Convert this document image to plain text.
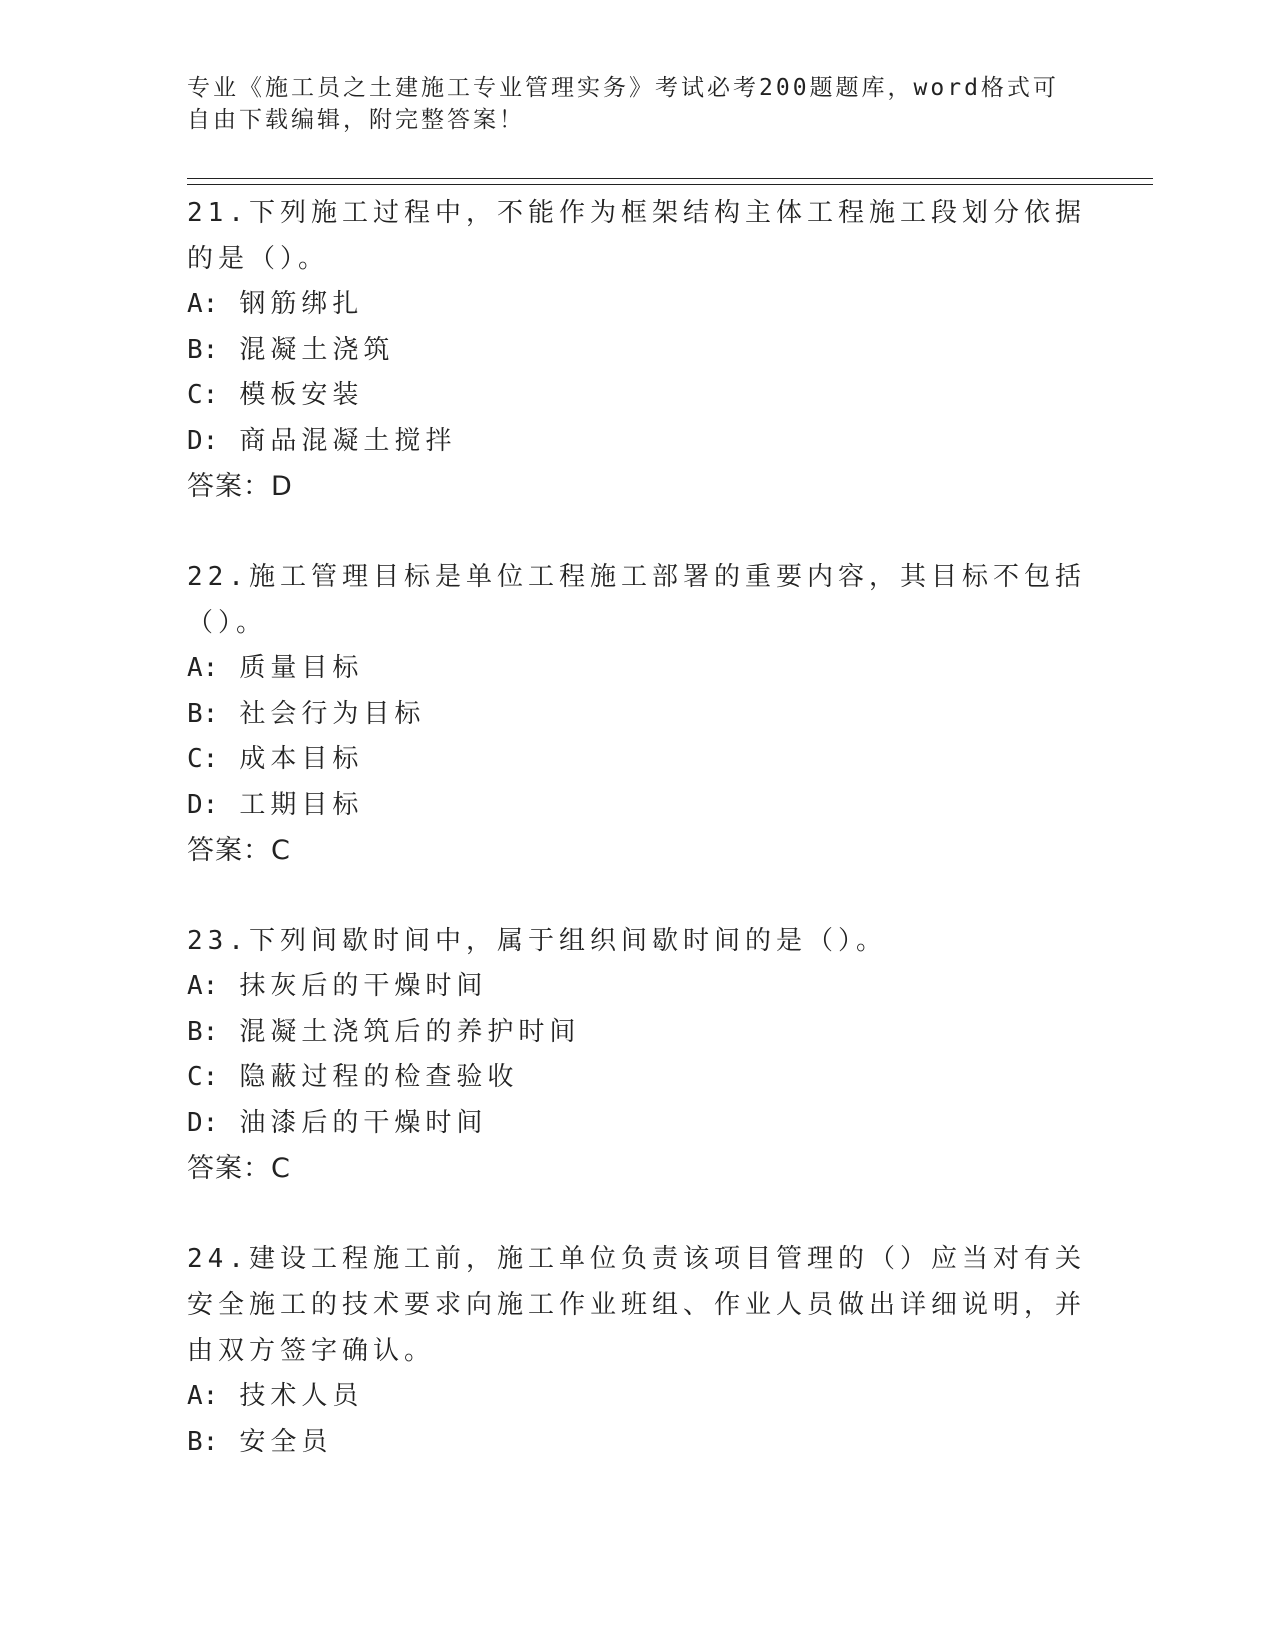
专业《施工员之土建施工专业管理实务》考试必考200题题库，word格式可自由下载编辑，附完整答案！

21.下列施工过程中，不能作为框架结构主体工程施工段划分依据的是（）。

A: 钢筋绑扎
B: 混凝土浇筑
C: 模板安装
D: 商品混凝土搅拌

答案：D

22.施工管理目标是单位工程施工部署的重要内容，其目标不包括（）。

A: 质量目标
B: 社会行为目标
C: 成本目标
D: 工期目标

答案：C

23.下列间歇时间中，属于组织间歇时间的是（）。

A: 抹灰后的干燥时间
B: 混凝土浇筑后的养护时间
C: 隐蔽过程的检查验收
D: 油漆后的干燥时间

答案：C

24.建设工程施工前，施工单位负责该项目管理的（）应当对有关安全施工的技术要求向施工作业班组、作业人员做出详细说明，并由双方签字确认。

A: 技术人员
B: 安全员
